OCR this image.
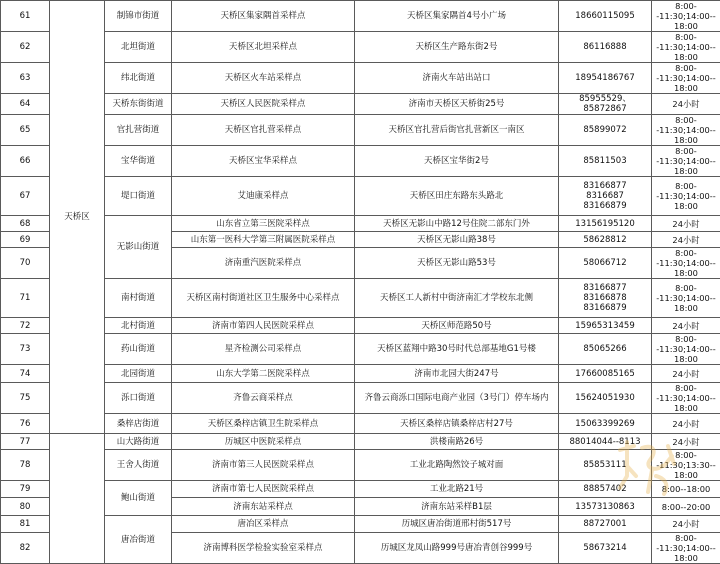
61	天桥区	制锦市街道	天桥区集家隅首采样点	天桥区集家隅首4号小广场	18660115095	8:00--11:30;14:00--
18:00

62		北坦街道	天桥区北坦采样点	天桥区生产路东街2号	86116888	8:00--11:30;14:00--
18:00

63		纬北街道	天桥区火车站采样点	济南火车站出站口	18954186767	8:00--11:30;14:00--
18:00

64		天桥东街街道	天桥区人民医院采样点	济南市天桥区天桥街25号	85955529、85872867	24小时

65		官扎营街道	天桥区官扎营采样点	天桥区官扎营后街官扎营新区一南区	85899072	8:00--11:30;14:00--
18:00

66		宝华街道	天桥区宝华采样点	天桥区宝华街2号	85811503	8:00--11:30;14:00--
18:00

67		堤口街道	艾迪康采样点	天桥区田庄东路东头路北	83166877
8316687
83166879	8:00--11:30;14:00--
18:00

68		无影山街道	山东省立第三医院采样点	天桥区无影山中路12号住院二部东门外	13156195120	24小时

69			山东第一医科大学第三附属医院采样点	天桥区无影山路38号	58628812	24小时

70			济南重汽医院采样点	天桥区无影山路53号	58066712	8:00--11:30;14:00--
18:00

71		南村街道	天桥区南村街道社区卫生服务中心采样点	天桥区工人新村中街济南汇才学校东北侧	83166877
83166878
83166879	8:00--11:30;14:00--
18:00

72		北村街道	济南市第四人民医院采样点	天桥区师范路50号	15965313459	24小时

73		药山街道	星齐检测公司采样点	天桥区蓝翔中路30号时代总部基地G1号楼	85065266	8:00--11:30;14:00--
18:00

74		北园街道	山东大学第二医院采样点	济南市北园大街247号	17660085165	24小时

75		泺口街道	齐鲁云商采样点	齐鲁云商泺口国际电商产业园（3号门）停车场内	15624051930	8:00--11:30;14:00--
18:00

76		桑梓店街道	天桥区桑梓店镇卫生院采样点	天桥区桑梓店镇桑梓店村27号	15063399269	24小时

77		山大路街道	历城区中医院采样点	洪楼南路26号	88014044--8113	24小时

78		王舍人街道	济南市第三人民医院采样点	工业北路陶然饺子城对面	85853111	8:00--11:30;13:30--
18:00

79		鲍山街道	济南市第七人民医院采样点	工业北路21号	88857402	8:00--18:00

80			济南东站采样点	济南东站采样B1层	13573130863	8:00--20:00

81		唐冶街道	唐冶区采样点	历城区唐冶街道邢村街517号	88727001	24小时

82			济南博科医学检验实验室采样点	历城区龙凤山路999号唐冶青创谷999号	58673214	8:00--11:30;14:00--
18:00
